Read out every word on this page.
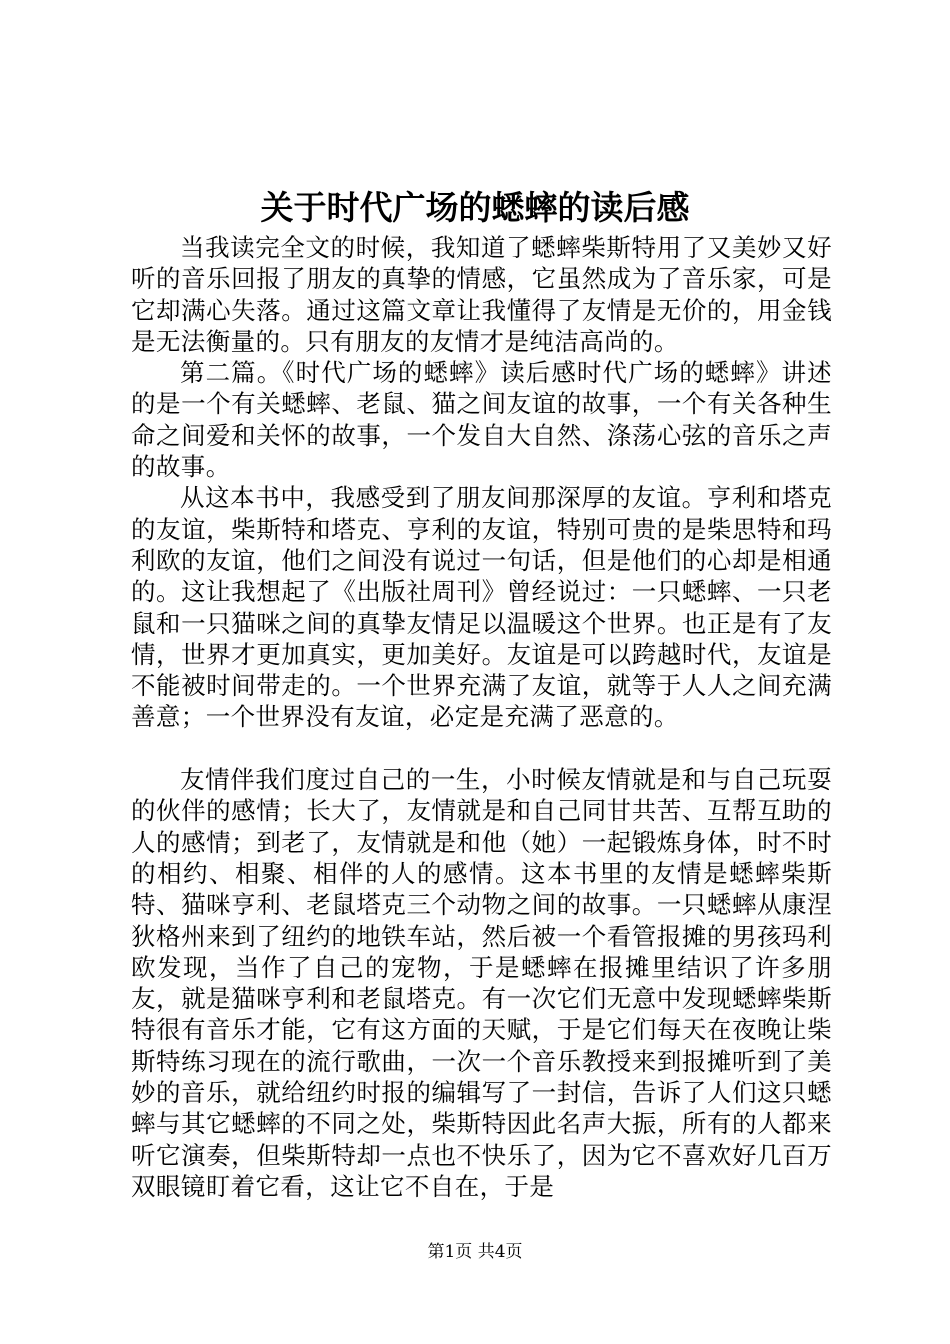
关于时代广场的蟋蟀的读后感

当我读完全文的时候，我知道了蟋蟀柴斯特用了又美妙又好听的音乐回报了朋友的真挚的情感，它虽然成为了音乐家，可是它却满心失落。通过这篇文章让我懂得了友情是无价的，用金钱是无法衡量的。只有朋友的友情才是纯洁高尚的。

第二篇。《时代广场的蟋蟀》读后感时代广场的蟋蟀》讲述的是一个有关蟋蟀、老鼠、猫之间友谊的故事，一个有关各种生命之间爱和关怀的故事，一个发自大自然、涤荡心弦的音乐之声的故事。

从这本书中，我感受到了朋友间那深厚的友谊。亨利和塔克的友谊，柴斯特和塔克、亨利的友谊，特别可贵的是柴思特和玛利欧的友谊，他们之间没有说过一句话，但是他们的心却是相通的。这让我想起了《出版社周刊》曾经说过：一只蟋蟀、一只老鼠和一只猫咪之间的真挚友情足以温暖这个世界。也正是有了友情，世界才更加真实，更加美好。友谊是可以跨越时代，友谊是不能被时间带走的。一个世界充满了友谊，就等于人人之间充满善意；一个世界没有友谊，必定是充满了恶意的。

友情伴我们度过自己的一生，小时候友情就是和与自己玩耍的伙伴的感情；长大了，友情就是和自己同甘共苦、互帮互助的人的感情；到老了，友情就是和他（她）一起锻炼身体，时不时的相约、相聚、相伴的人的感情。这本书里的友情是蟋蟀柴斯特、猫咪亨利、老鼠塔克三个动物之间的故事。一只蟋蟀从康涅狄格州来到了纽约的地铁车站，然后被一个看管报摊的男孩玛利欧发现，当作了自己的宠物，于是蟋蟀在报摊里结识了许多朋友，就是猫咪亨利和老鼠塔克。有一次它们无意中发现蟋蟀柴斯特很有音乐才能，它有这方面的天赋，于是它们每天在夜晚让柴斯特练习现在的流行歌曲，一次一个音乐教授来到报摊听到了美妙的音乐，就给纽约时报的编辑写了一封信，告诉了人们这只蟋蟀与其它蟋蟀的不同之处，柴斯特因此名声大振，所有的人都来听它演奏，但柴斯特却一点也不快乐了，因为它不喜欢好几百万双眼镜盯着它看，这让它不自在，于是

第1页 共4页
